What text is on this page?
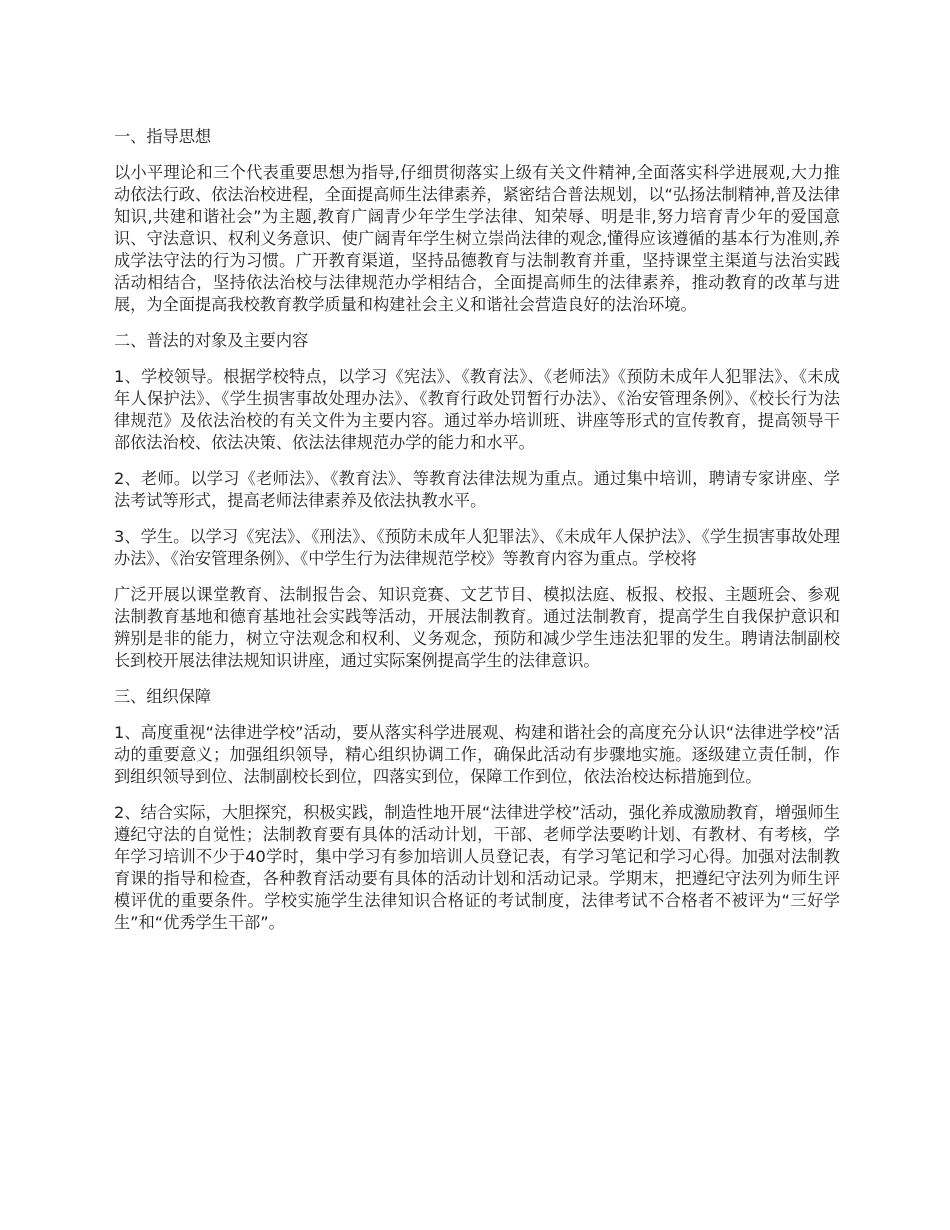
一、指导思想
以小平理论和三个代表重要思想为指导,仔细贯彻落实上级有关文件精神,全面落实科学进展观,大力推动依法行政、依法治校进程，全面提高师生法律素养，紧密结合普法规划，以“弘扬法制精神,普及法律知识,共建和谐社会”为主题,教育广阔青少年学生学法律、知荣辱、明是非,努力培育青少年的爱国意识、守法意识、权利义务意识、使广阔青年学生树立崇尚法律的观念,懂得应该遵循的基本行为准则,养成学法守法的行为习惯。广开教育渠道，坚持品德教育与法制教育并重，坚持课堂主渠道与法治实践活动相结合，坚持依法治校与法律规范办学相结合，全面提高师生的法律素养，推动教育的改革与进展，为全面提高我校教育教学质量和构建社会主义和谐社会营造良好的法治环境。
二、普法的对象及主要内容
1、学校领导。根据学校特点，以学习《宪法》、《教育法》、《老师法》《预防未成年人犯罪法》、《未成年人保护法》、《学生损害事故处理办法》、《教育行政处罚暂行办法》、《治安管理条例》、《校长行为法律规范》及依法治校的有关文件为主要内容。通过举办培训班、讲座等形式的宣传教育，提高领导干部依法治校、依法决策、依法法律规范办学的能力和水平。
2、老师。以学习《老师法》、《教育法》、等教育法律法规为重点。通过集中培训，聘请专家讲座、学法考试等形式，提高老师法律素养及依法执教水平。
3、学生。以学习《宪法》、《刑法》、《预防未成年人犯罪法》、《未成年人保护法》、《学生损害事故处理办法》、《治安管理条例》、《中学生行为法律规范学校》等教育内容为重点。学校将
广泛开展以课堂教育、法制报告会、知识竞赛、文艺节目、模拟法庭、板报、校报、主题班会、参观法制教育基地和德育基地社会实践等活动，开展法制教育。通过法制教育，提高学生自我保护意识和辨别是非的能力，树立守法观念和权利、义务观念，预防和减少学生违法犯罪的发生。聘请法制副校长到校开展法律法规知识讲座，通过实际案例提高学生的法律意识。
三、组织保障
1、高度重视“法律进学校”活动，要从落实科学进展观、构建和谐社会的高度充分认识“法律进学校”活动的重要意义；加强组织领导，精心组织协调工作，确保此活动有步骤地实施。逐级建立责任制，作到组织领导到位、法制副校长到位，四落实到位，保障工作到位，依法治校达标措施到位。
2、结合实际，大胆探究，积极实践，制造性地开展“法律进学校”活动，强化养成激励教育，增强师生遵纪守法的自觉性；法制教育要有具体的活动计划，干部、老师学法要哟计划、有教材、有考核，学年学习培训不少于40学时，集中学习有参加培训人员登记表，有学习笔记和学习心得。加强对法制教育课的指导和检查，各种教育活动要有具体的活动计划和活动记录。学期末，把遵纪守法列为师生评模评优的重要条件。学校实施学生法律知识合格证的考试制度，法律考试不合格者不被评为“三好学生”和“优秀学生干部”。
